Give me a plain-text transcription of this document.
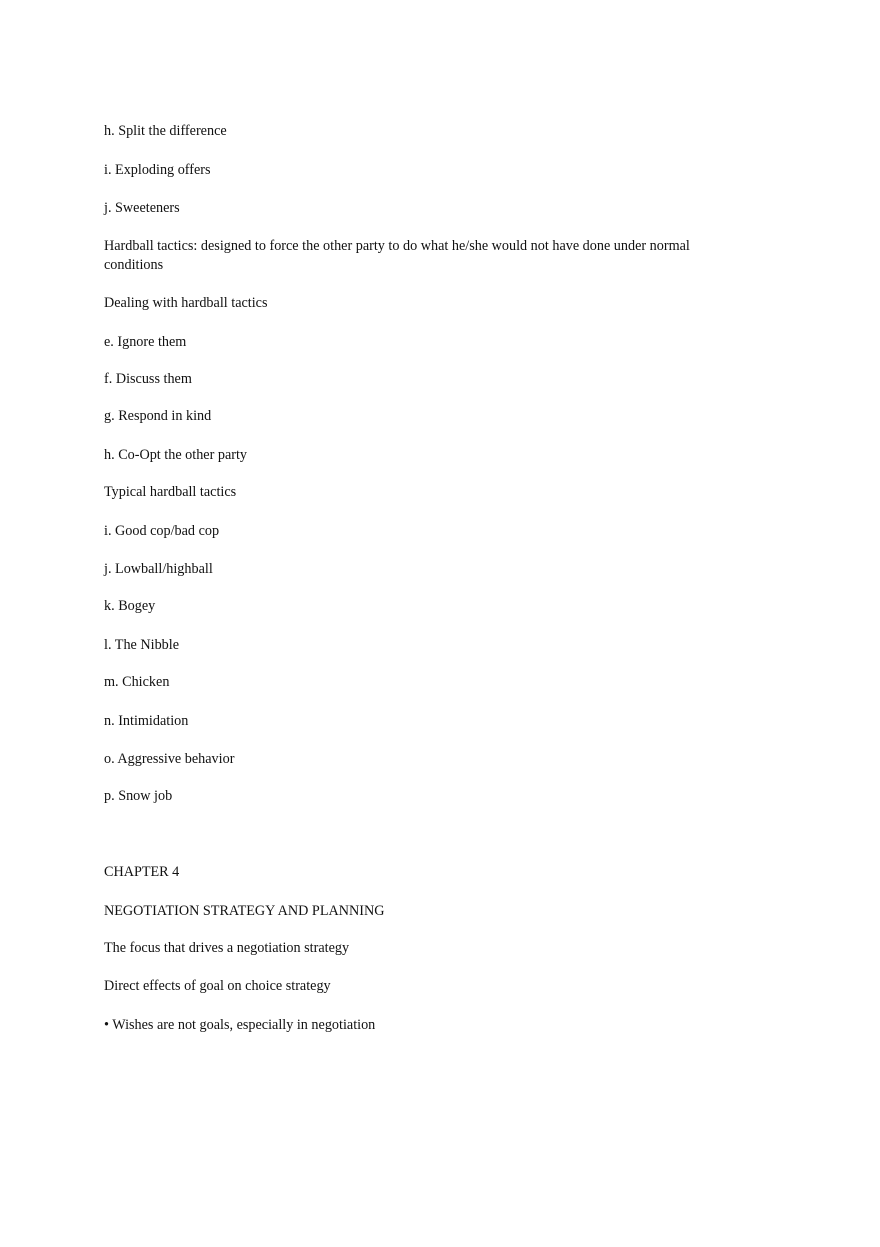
h. Split the difference

i. Exploding offers

j. Sweeteners

Hardball tactics: designed to force the other party to do what he/she would not have done under normal conditions

Dealing with hardball tactics

e. Ignore them

f. Discuss them

g. Respond in kind

h. Co-Opt the other party

Typical hardball tactics

i. Good cop/bad cop

j. Lowball/highball

k. Bogey

l. The Nibble

m. Chicken

n. Intimidation

o. Aggressive behavior

p. Snow job

CHAPTER 4

NEGOTIATION STRATEGY AND PLANNING

The focus that drives a negotiation strategy

Direct effects of goal on choice strategy

• Wishes are not goals, especially in negotiation
